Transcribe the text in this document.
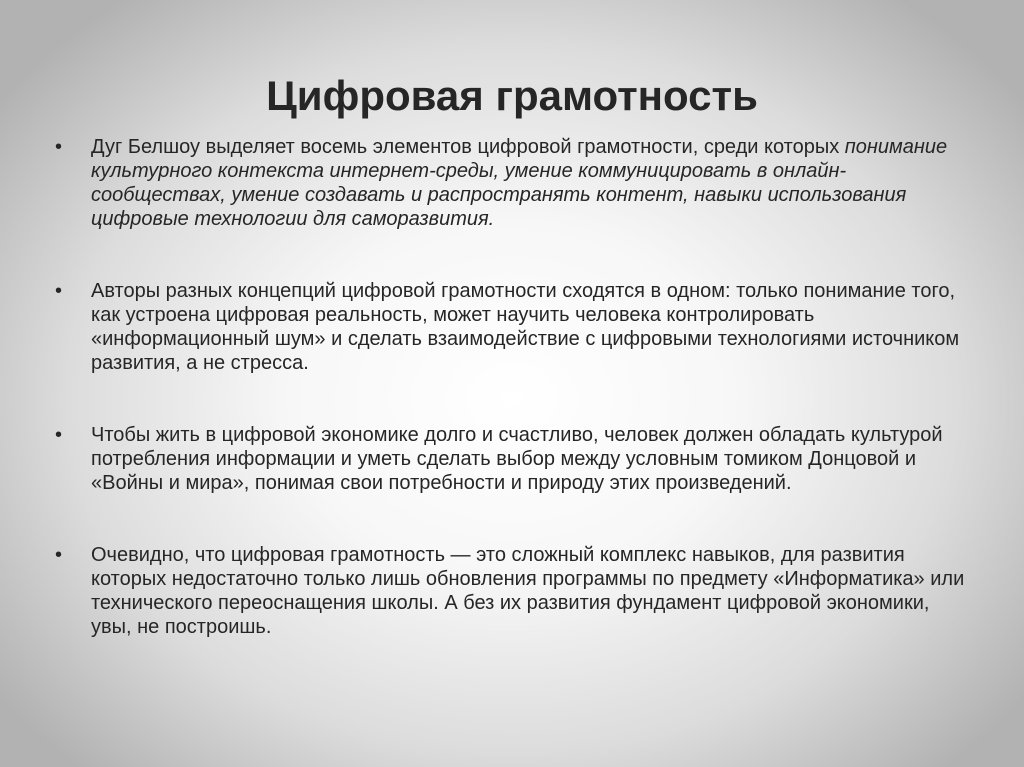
Цифровая грамотность
• Дуг Белшоу выделяет восемь элементов цифровой грамотности, среди которых понимание культурного контекста интернет-среды, умение коммуницировать в онлайн-сообществах, умение создавать и распространять контент, навыки использования цифровые технологии для саморазвития.
• Авторы разных концепций цифровой грамотности сходятся в одном: только понимание того, как устроена цифровая реальность, может научить человека контролировать «информационный шум» и сделать взаимодействие с цифровыми технологиями источником развития, а не стресса.
• Чтобы жить в цифровой экономике долго и счастливо, человек должен обладать культурой потребления информации и уметь сделать выбор между условным томиком Донцовой и «Войны и мира», понимая свои потребности и природу этих произведений.
• Очевидно, что цифровая грамотность — это сложный комплекс навыков, для развития которых недостаточно только лишь обновления программы по предмету «Информатика» или технического переоснащения школы. А без их развития фундамент цифровой экономики, увы, не построишь.
